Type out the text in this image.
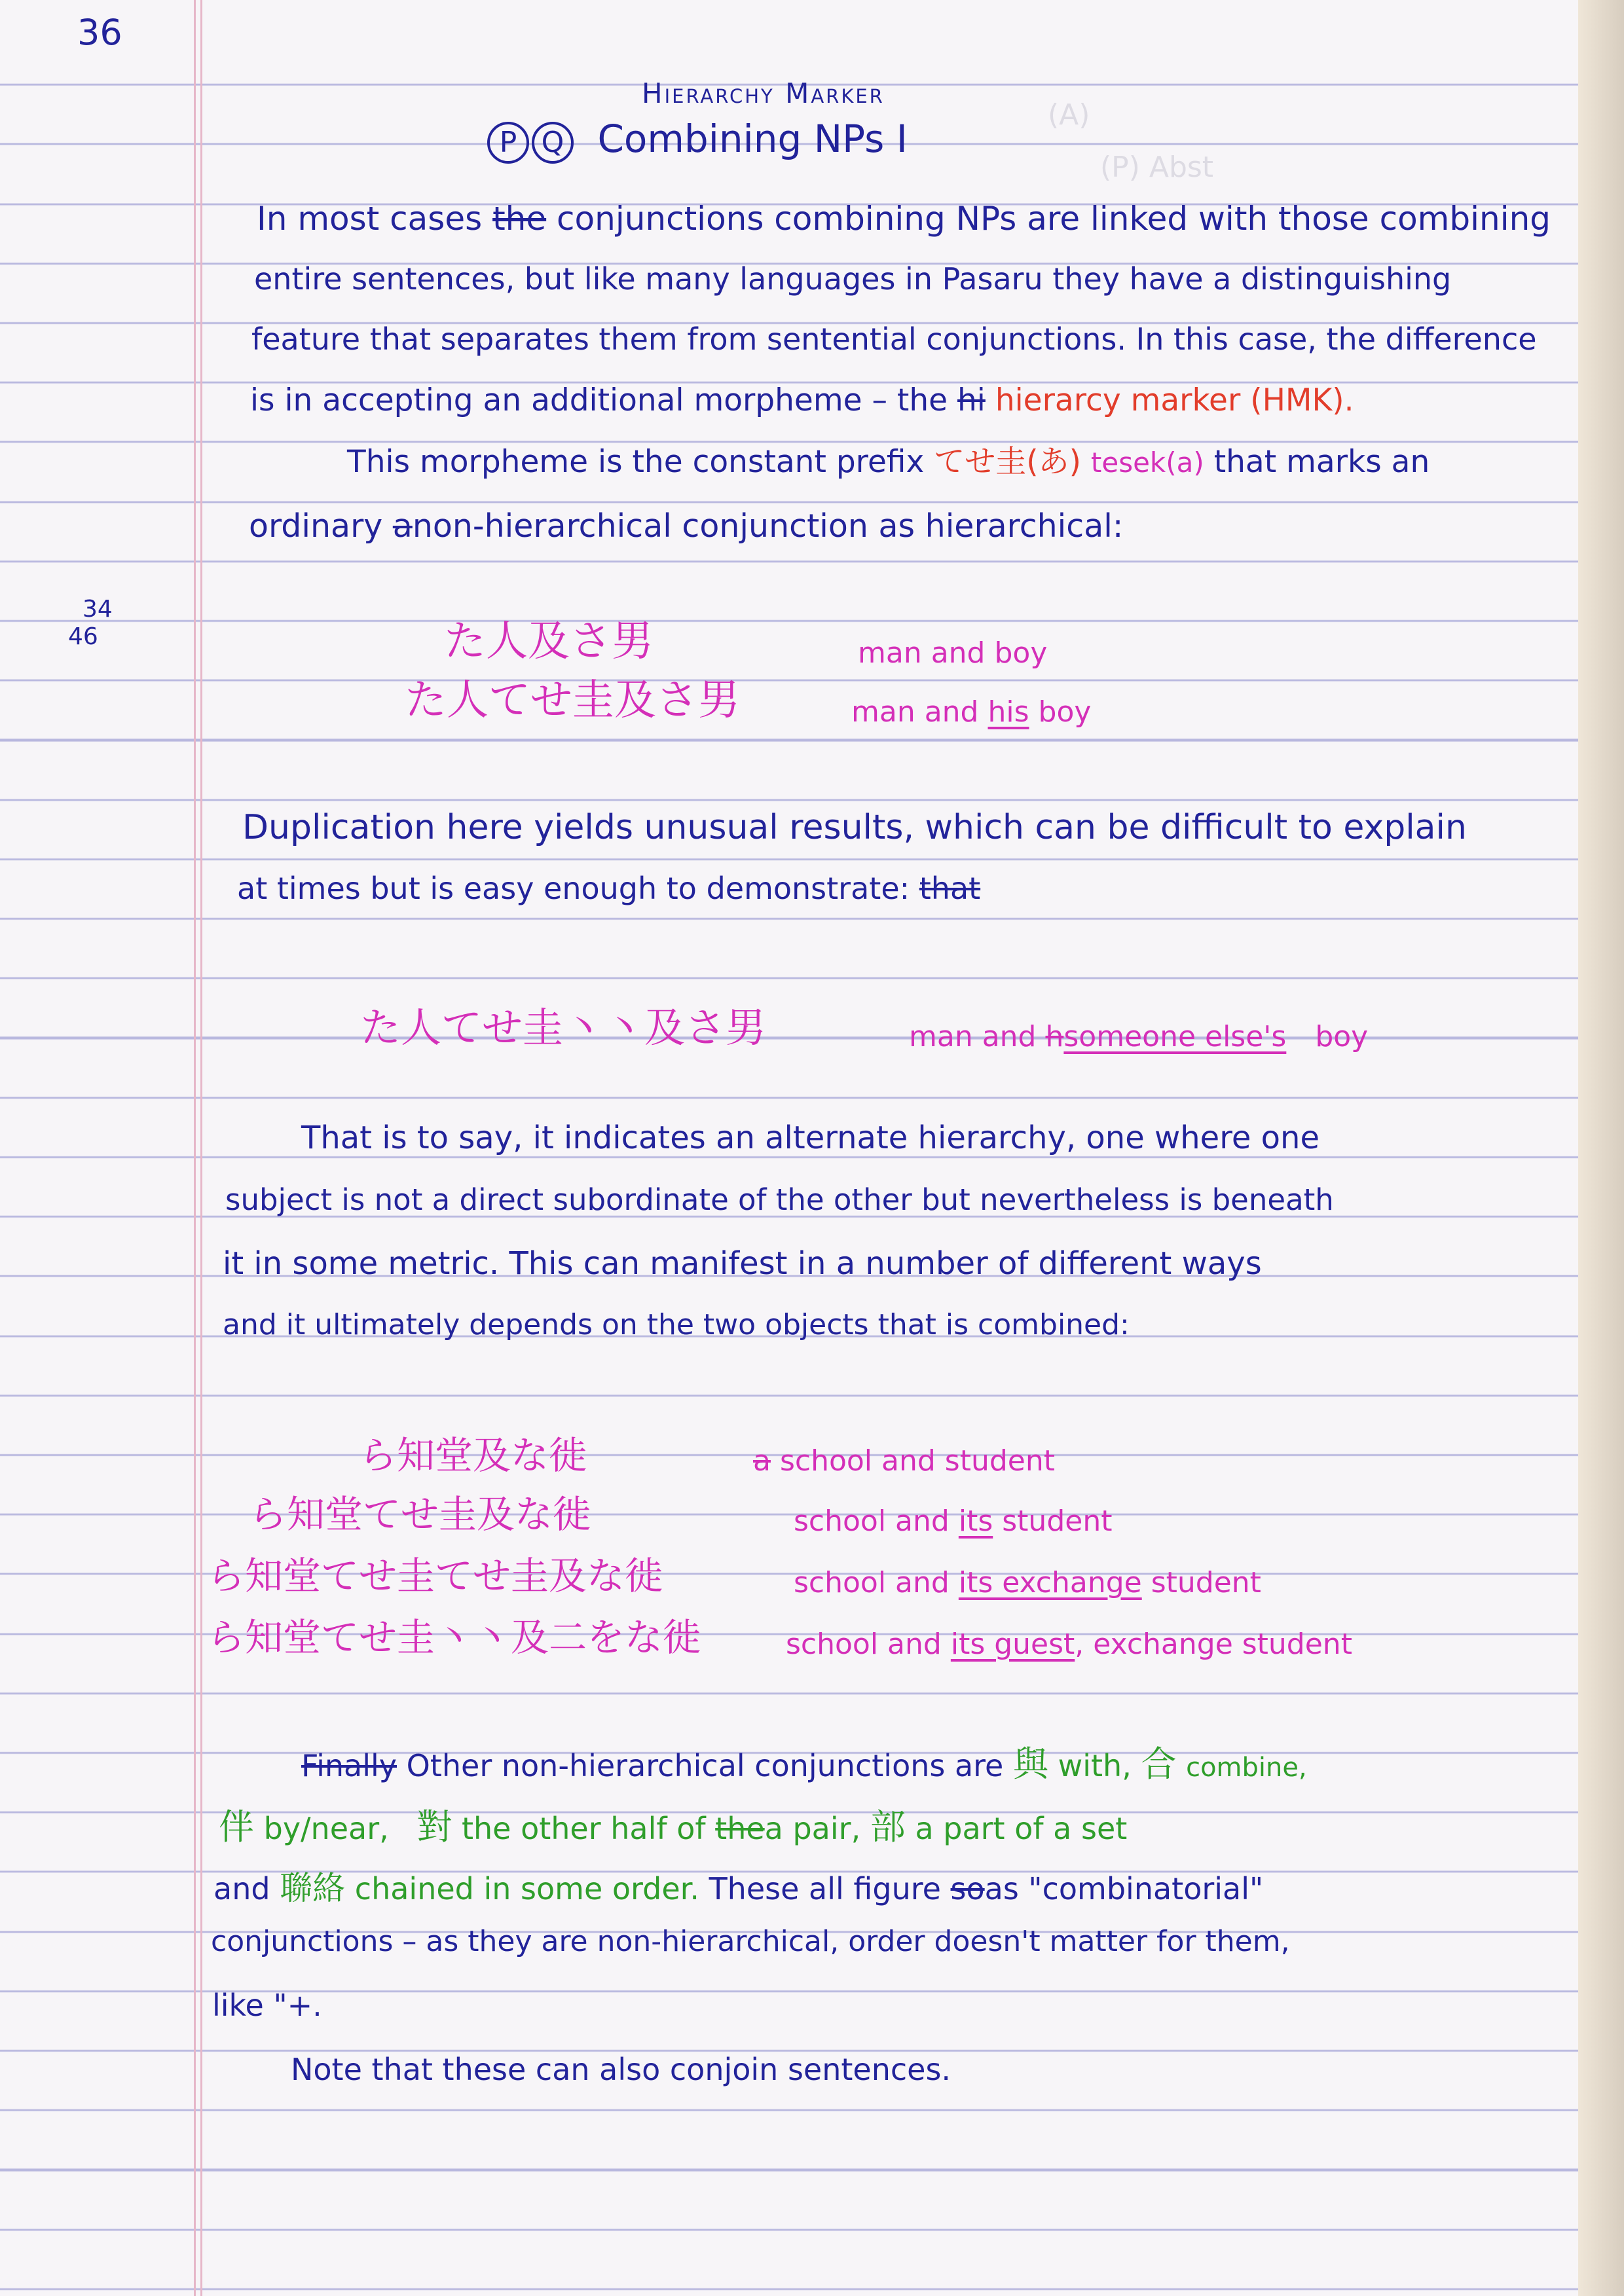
(A)
(P) Abst
36
34
46
Hierarchy Marker
P Q Combining NPs I
In most cases the conjunctions combining NPs are linked with those combining
entire sentences, but like many languages in Pasaru they have a distinguishing
feature that separates them from sentential conjunctions. In this case, the difference
is in accepting an additional morpheme – the hi hierarcy marker (HMK).
This morpheme is the constant prefix てせ圭(あ) tesek(a) that marks an
ordinary anon-hierarchical conjunction as hierarchical:
た人及さ男	man and boy
た人てせ圭及さ男	man and his boy
Duplication here yields unusual results, which can be difficult to explain
at times but is easy enough to demonstrate: that
た人てせ圭丶丶及さ男	man and hsomeone else's boy
That is to say, it indicates an alternate hierarchy, one where one
subject is not a direct subordinate of the other but nevertheless is beneath
it in some metric. This can manifest in a number of different ways
and it ultimately depends on the two objects that is combined:
ら知堂及な徙	a school and student
ら知堂てせ圭及な徙	school and its student
ら知堂てせ圭てせ圭及な徙	school and its exchange student
ら知堂てせ圭丶丶及二をな徙	school and its guest, exchange student
Finally Other non-hierarchical conjunctions are 與 with, 合 combine,
伴 by/near, 對 the other half of thea pair, 部 a part of a set
and 聯絡 chained in some order. These all figure soas "combinatorial"
conjunctions – as they are non-hierarchical, order doesn't matter for them,
like "+.
Note that these can also conjoin sentences.
